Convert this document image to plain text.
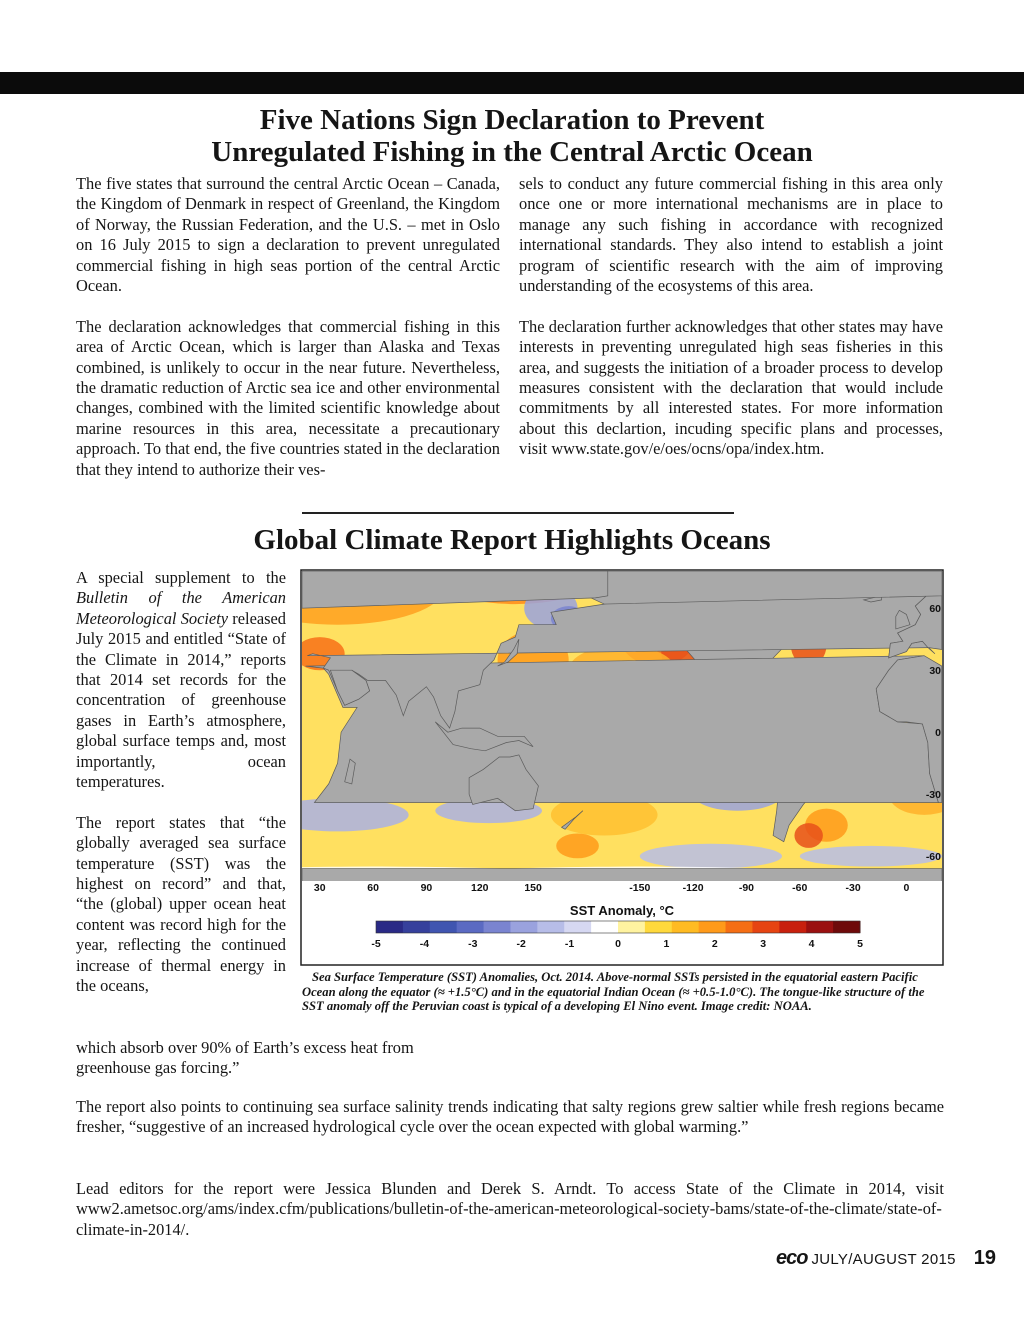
Five Nations Sign Declaration to Prevent
Unregulated Fishing in the Central Arctic Ocean

The five states that surround the central Arctic Ocean – Canada, the Kingdom of Denmark in respect of Greenland, the Kingdom of Norway, the Russian Federation, and the U.S. – met in Oslo on 16 July 2015 to sign a declaration to prevent unregulated commercial fishing in high seas portion of the central Arctic Ocean.

The declaration acknowledges that commercial fishing in this area of Arctic Ocean, which is larger than Alaska and Texas combined, is unlikely to occur in the near future. Nevertheless, the dramatic reduction of Arctic sea ice and other environmental changes, combined with the limited scientific knowledge about marine resources in this area, necessitate a precautionary approach. To that end, the five countries stated in the declaration that they intend to authorize their ves-

sels to conduct any future commercial fishing in this area only once one or more international mechanisms are in place to manage any such fishing in accordance with recognized international standards. They also intend to establish a joint program of scientific research with the aim of improving understanding of the ecosystems of this area.

The declaration further acknowledges that other states may have interests in preventing unregulated high seas fisheries in this area, and suggests the initiation of a broader process to develop measures consistent with the declaration that would include commitments by all interested states. For more information about this declartion, incuding specific plans and processes, visit www.state.gov/e/oes/ocns/opa/index.htm.

Global Climate Report Highlights Oceans

A special supplement to the Bulletin of the American Meteorological Society released July 2015 and entitled “State of the Climate in 2014,” reports that 2014 set records for the concentration of greenhouse gases in Earth’s atmosphere, global surface temps and, most importantly, ocean temperatures.

The report states that “the globally averaged sea surface temperature (SST) was the highest on record” and that, “the (global) upper ocean heat content was record high for the year, reflecting the continued increase of thermal energy in the oceans,

which absorb over 90% of Earth’s excess heat from greenhouse gas forcing.”

-150	-120	-90	-60	-30	0
30	60	90	120	150
60
30
0
-30
-60
SST Anomaly, °C
-5	-4	-3	-2	-1	0	1	2	3	4	5

Sea Surface Temperature (SST) Anomalies, Oct. 2014. Above-normal SSTs persisted in the equatorial eastern Pacific Ocean along the equator (≈ +1.5°C) and in the equatorial Indian Ocean (≈ +0.5-1.0°C). The tongue-like structure of the SST anomaly off the Peruvian coast is typical of a developing El Nino event. Image credit: NOAA.

The report also points to continuing sea surface salinity trends indicating that salty regions grew saltier while fresh regions became fresher, “suggestive of an increased hydrological cycle over the ocean expected with global warming.”

Lead editors for the report were Jessica Blunden and Derek S. Arndt. To access State of the Climate in 2014, visit www2.ametsoc.org/ams/index.cfm/publications/bulletin-of-the-american-meteorological-society-bams/state-of-the-climate/state-of-climate-in-2014/.

eco JULY/AUGUST 2015 19
